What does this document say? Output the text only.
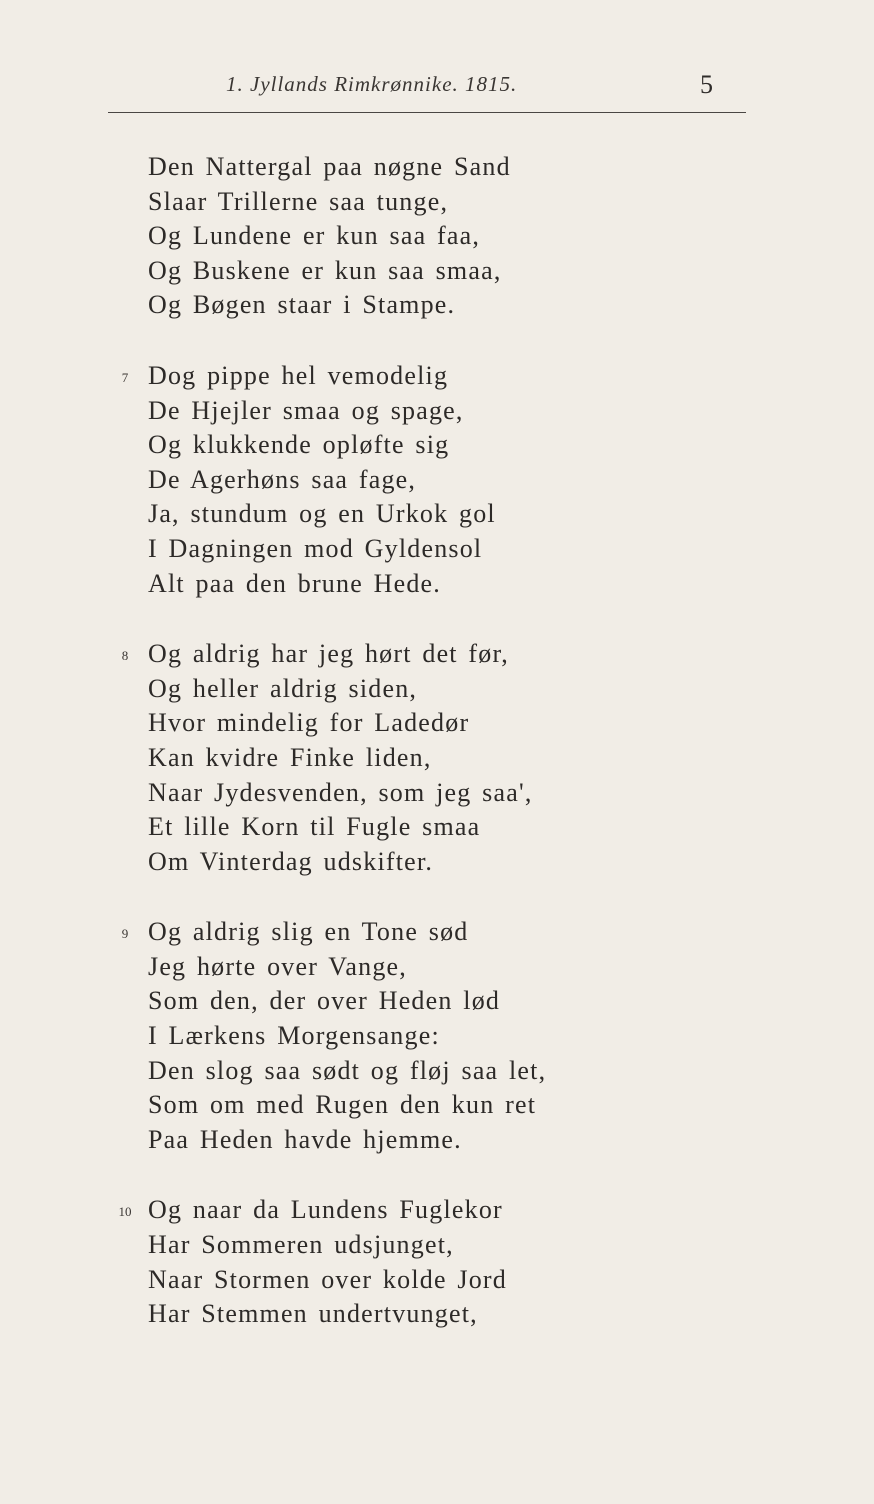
1. Jyllands Rimkrønnike. 1815.	5
Den Nattergal paa nøgne Sand
Slaar Trillerne saa tunge,
Og Lundene er kun saa faa,
Og Buskene er kun saa smaa,
Og Bøgen staar i Stampe.
7 Dog pippe hel vemodelig
De Hjejler smaa og spage,
Og klukkende opløfte sig
De Agerhøns saa fage,
Ja, stundum og en Urkok gol
I Dagningen mod Gyldensol
Alt paa den brune Hede.
8 Og aldrig har jeg hørt det før,
Og heller aldrig siden,
Hvor mindelig for Ladedør
Kan kvidre Finke liden,
Naar Jydesvenden, som jeg saa',
Et lille Korn til Fugle smaa
Om Vinterdag udskifter.
9 Og aldrig slig en Tone sød
Jeg hørte over Vange,
Som den, der over Heden lød
I Lærkens Morgensange:
Den slog saa sødt og fløj saa let,
Som om med Rugen den kun ret
Paa Heden havde hjemme.
10 Og naar da Lundens Fuglekor
Har Sommeren udsjunget,
Naar Stormen over kolde Jord
Har Stemmen undertvunget,
